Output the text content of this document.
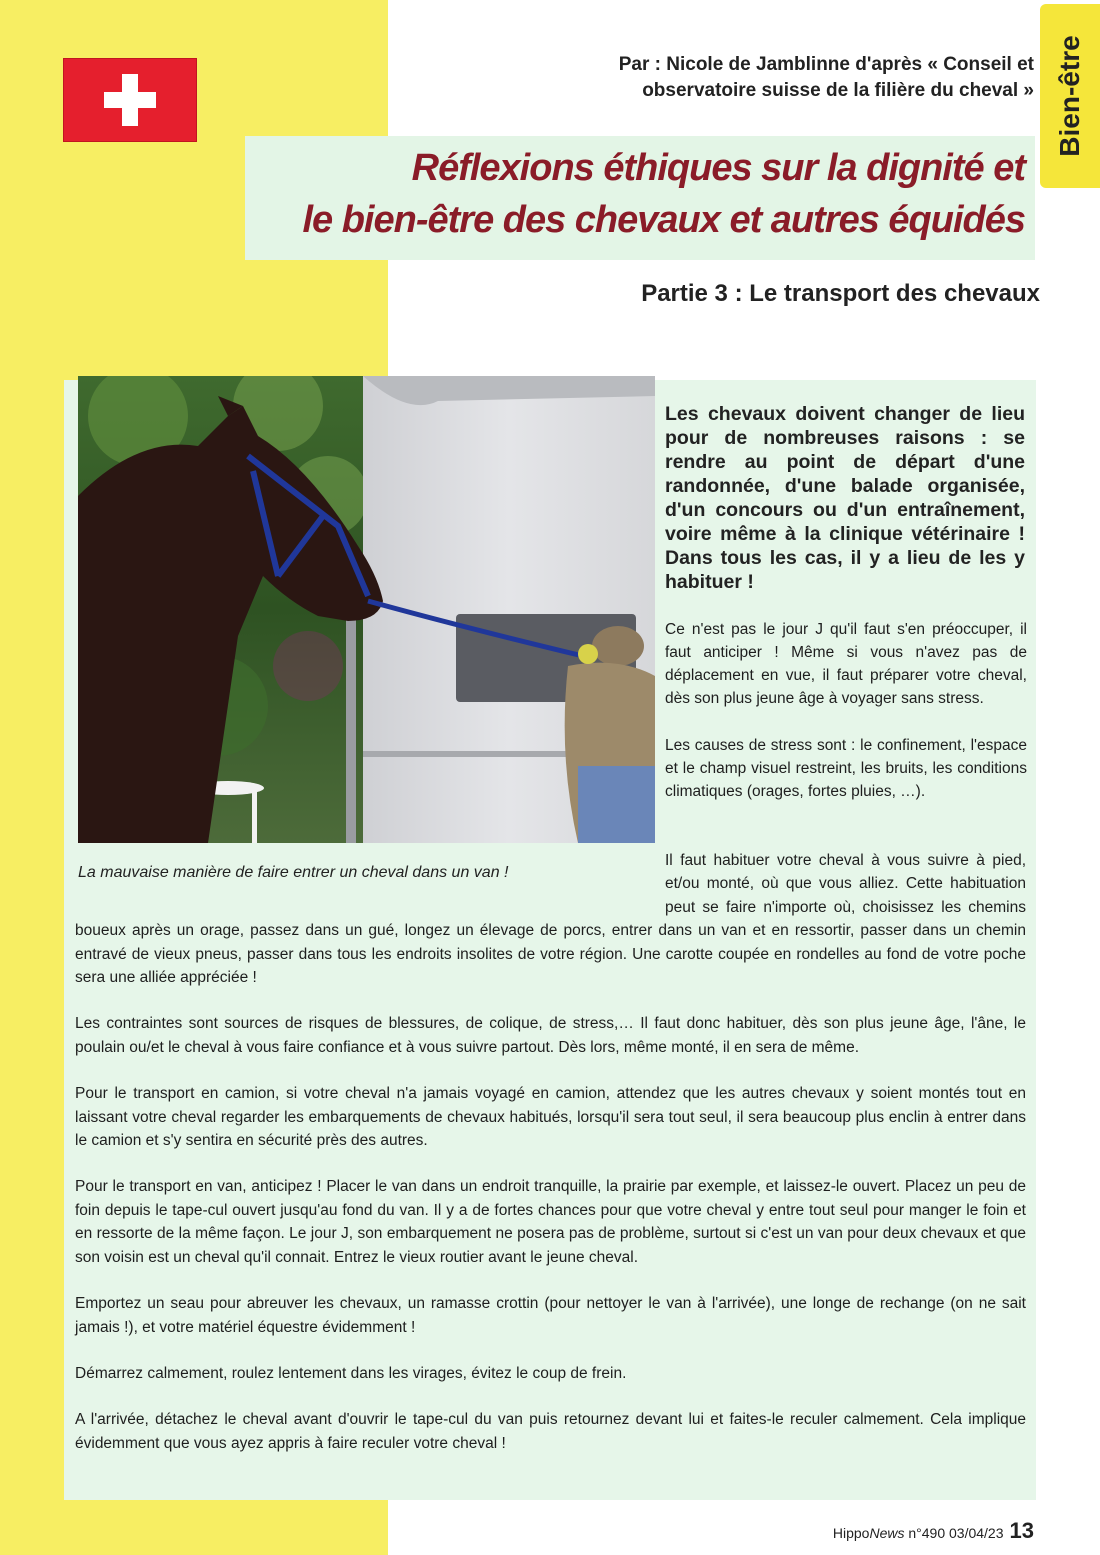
Bien-être
Par : Nicole de Jamblinne d'après « Conseil et
observatoire suisse de la filière du cheval »
Réflexions éthiques sur la dignité et
le bien-être des chevaux et autres équidés
Partie 3 : Le transport des chevaux
La mauvaise manière de faire entrer un cheval dans un van !
Les chevaux doivent changer de lieu pour de nombreuses raisons : se rendre au point de départ d'une randonnée, d'une balade organisée, d'un concours ou d'un entraînement, voire même à la clinique vétérinaire ! Dans tous les cas, il y a lieu de les y habituer !

Ce n'est pas le jour J qu'il faut s'en préoccuper, il faut anticiper ! Même si vous n'avez pas de déplacement en vue, il faut préparer votre cheval, dès son plus jeune âge à voyager sans stress.

Les causes de stress sont : le confinement, l'espace et le champ visuel restreint, les bruits, les conditions climatiques (orages, fortes pluies, …).

Il faut habituer votre cheval à vous suivre à pied, et/ou monté, où que vous alliez. Cette habituation peut se faire n'importe où, choisissez les chemins boueux après un orage, passez dans un gué, longez un élevage de porcs, entrer dans un van et en ressortir, passer dans un chemin entravé de vieux pneus, passer dans tous les endroits insolites de votre région. Une carotte coupée en rondelles au fond de votre poche sera une alliée appréciée !

Les contraintes sont sources de risques de blessures, de colique, de stress,… Il faut donc habituer, dès son plus jeune âge, l'âne, le poulain ou/et le cheval à vous faire confiance et à vous suivre partout. Dès lors, même monté, il en sera de même.

Pour le transport en camion, si votre cheval n'a jamais voyagé en camion, attendez que les autres chevaux y soient montés tout en laissant votre cheval regarder les embarquements de chevaux habitués, lorsqu'il sera tout seul, il sera beaucoup plus enclin à entrer dans le camion et s'y sentira en sécurité près des autres.

Pour le transport en van, anticipez ! Placer le van dans un endroit tranquille, la prairie par exemple, et laissez-le ouvert. Placez un peu de foin depuis le tape-cul ouvert jusqu'au fond du van. Il y a de fortes chances pour que votre cheval y entre tout seul pour manger le foin et en ressorte de la même façon. Le jour J, son embarquement ne posera pas de problème, surtout si c'est un van pour deux chevaux et que son voisin est un cheval qu'il connait. Entrez le vieux routier avant le jeune cheval.

Emportez un seau pour abreuver les chevaux, un ramasse crottin (pour nettoyer le van à l'arrivée), une longe de rechange (on ne sait jamais !), et votre matériel équestre évidemment !

Démarrez calmement, roulez lentement dans les virages, évitez le coup de frein.

A l'arrivée, détachez le cheval avant d'ouvrir le tape-cul du van puis retournez devant lui et faites-le reculer calmement. Cela implique évidemment que vous ayez appris à faire reculer votre cheval !

HippoNews n°490 03/04/23 13
